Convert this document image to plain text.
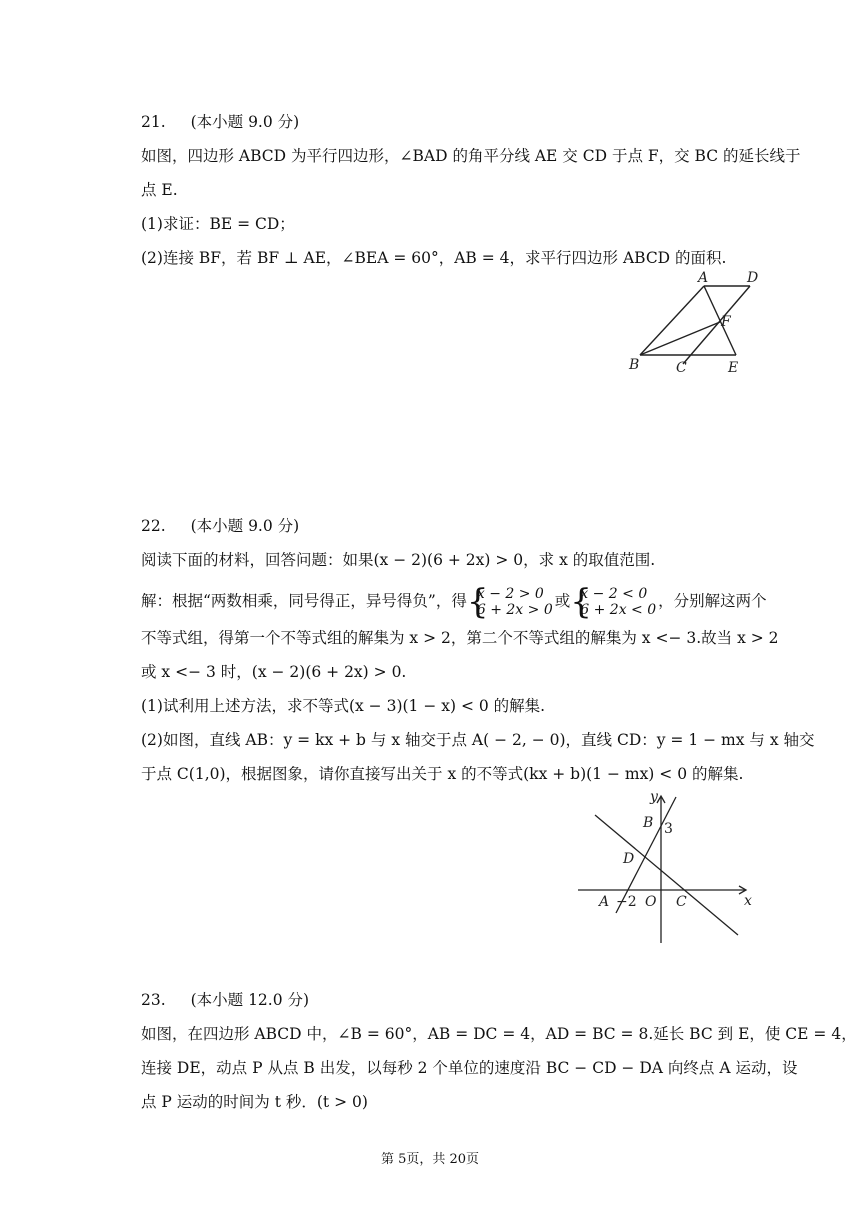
21. (本小题 9.0 分)
如图，四边形 ABCD 为平行四边形，∠BAD 的角平分线 AE 交 CD 于点 F，交 BC 的延长线于
点 E.
(1)求证：BE = CD；
(2)连接 BF，若 BF ⊥ AE，∠BEA = 60°，AB = 4，求平行四边形 ABCD 的面积.
A	D
F
B	C	E
22. (本小题 9.0 分)
阅读下面的材料，回答问题：如果(x − 2)(6 + 2x) > 0，求 x 的取值范围.
解：根据“两数相乘，同号得正，异号得负”，得 { x − 2 > 0
6 + 2x > 0 或 { x − 2 < 0
6 + 2x < 0 ，分别解这两个
不等式组，得第一个不等式组的解集为 x > 2，第二个不等式组的解集为 x <− 3.故当 x > 2
或 x <− 3 时，(x − 2)(6 + 2x) > 0.
(1)试利用上述方法，求不等式(x − 3)(1 − x) < 0 的解集.
(2)如图，直线 AB：y = kx + b 与 x 轴交于点 A( − 2, − 0)，直线 CD：y = 1 − mx 与 x 轴交
于点 C(1,0)，根据图象，请你直接写出关于 x 的不等式(kx + b)(1 − mx) < 0 的解集.
y
x
B 3
D
A −2 O C
23. (本小题 12.0 分)
如图，在四边形 ABCD 中，∠B = 60°，AB = DC = 4，AD = BC = 8.延长 BC 到 E，使 CE = 4，
连接 DE，动点 P 从点 B 出发，以每秒 2 个单位的速度沿 BC − CD − DA 向终点 A 运动，设
点 P 运动的时间为 t 秒．(t > 0)
第 5页，共 20页
